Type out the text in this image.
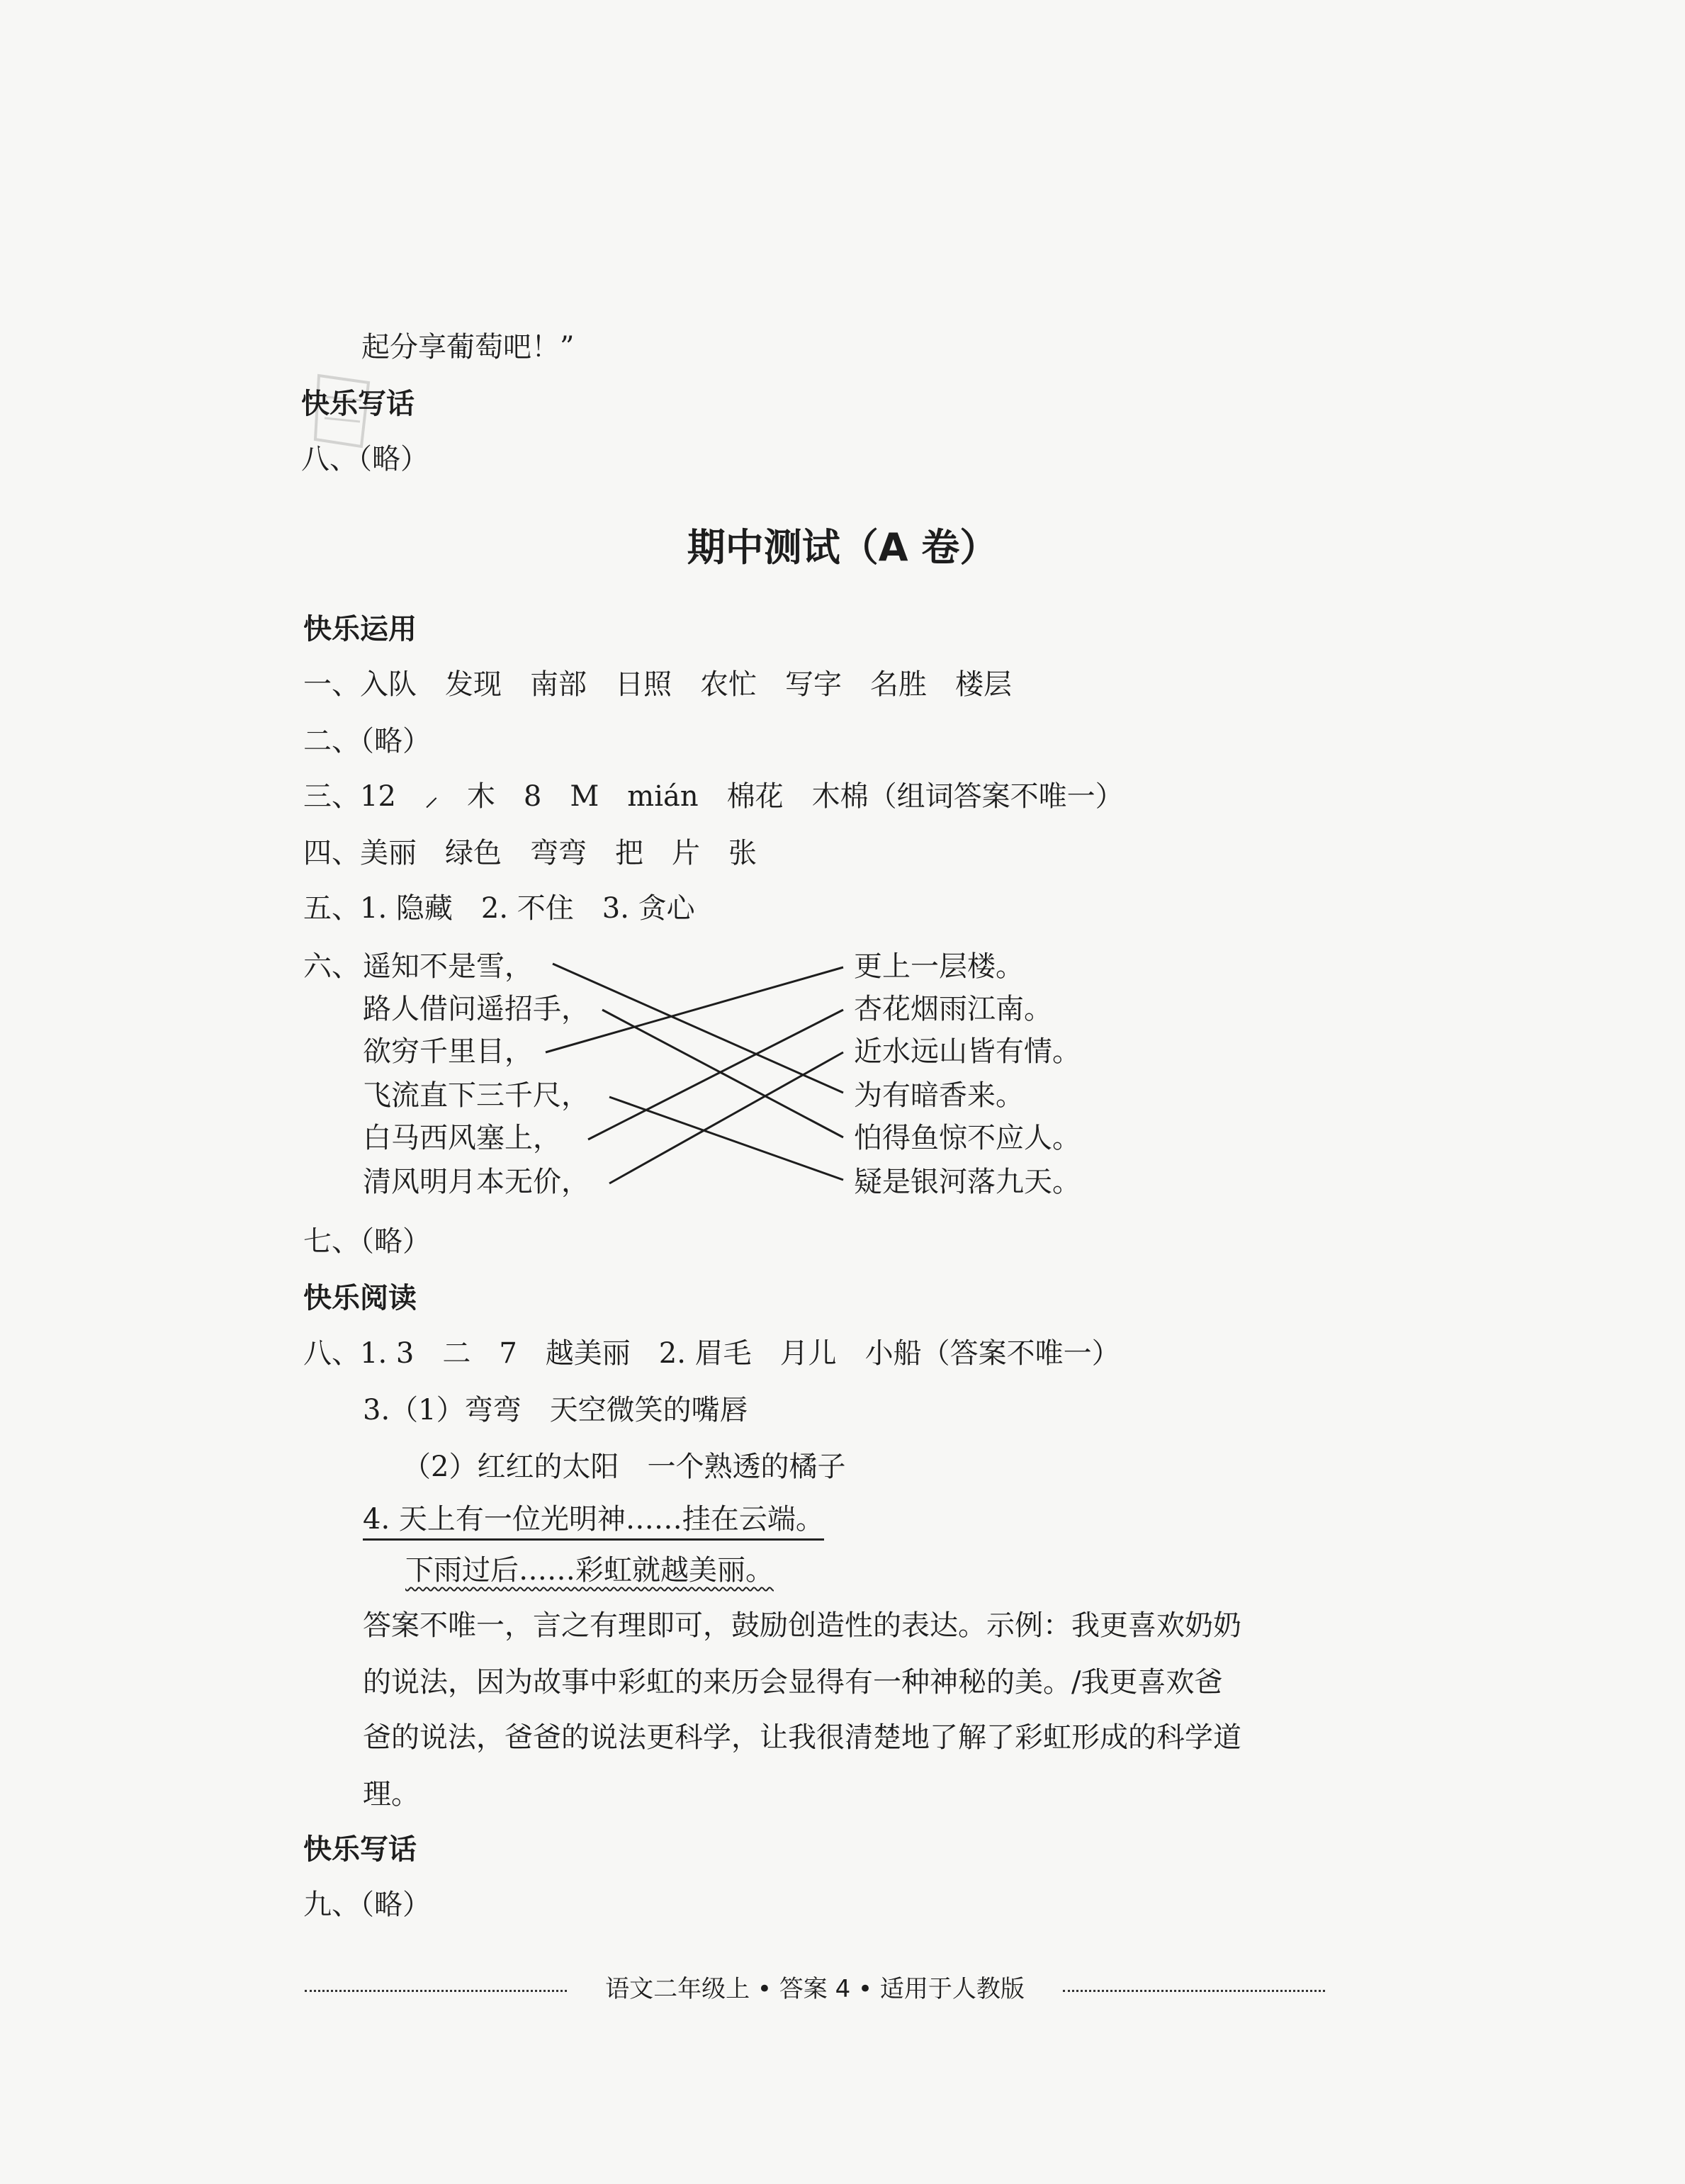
起分享葡萄吧！”
快乐写话
八、（略）
期中测试（A 卷）
快乐运用
一、入队　发现　南部　日照　农忙　写字　名胜　楼层
二、（略）
三、12　⸝　木　8　M　mián　棉花　木棉（组词答案不唯一）
四、美丽　绿色　弯弯　把　片　张
五、1. 隐藏　2. 不住　3. 贪心
六、 遥知不是雪，
路人借问遥招手，
欲穷千里目，
飞流直下三千尺，
白马西风塞上，
清风明月本无价，
更上一层楼。
杏花烟雨江南。
近水远山皆有情。
为有暗香来。
怕得鱼惊不应人。
疑是银河落九天。
七、（略）
快乐阅读
八、1. 3　二　7　越美丽　2. 眉毛　月儿　小船（答案不唯一）
3.（1）弯弯　天空微笑的嘴唇
（2）红红的太阳　一个熟透的橘子
4. 天上有一位光明神……挂在云端。
下雨过后……彩虹就越美丽。
答案不唯一，言之有理即可，鼓励创造性的表达。示例：我更喜欢奶奶
的说法，因为故事中彩虹的来历会显得有一种神秘的美。/我更喜欢爸
爸的说法，爸爸的说法更科学，让我很清楚地了解了彩虹形成的科学道
理。
快乐写话
九、（略）
语文二年级上 • 答案 4 • 适用于人教版
